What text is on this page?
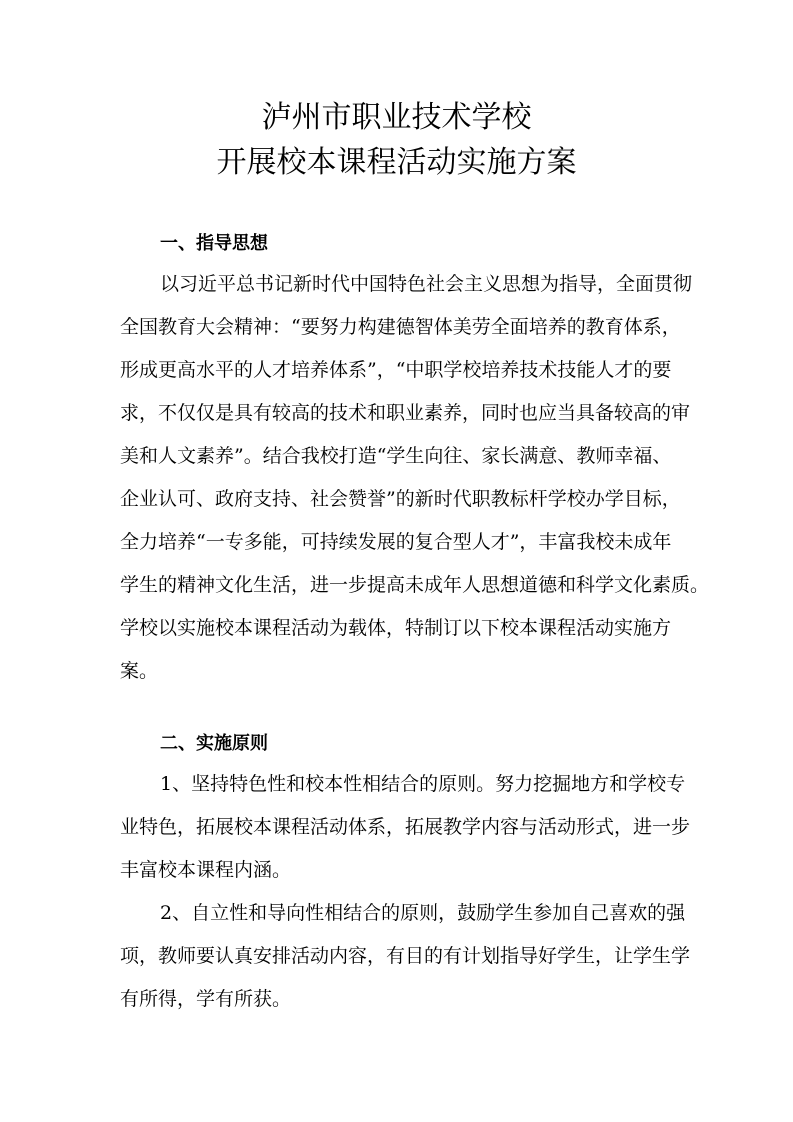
泸州市职业技术学校
开展校本课程活动实施方案
一、指导思想
以习近平总书记新时代中国特色社会主义思想为指导，全面贯彻
全国教育大会精神：“要努力构建德智体美劳全面培养的教育体系，
形成更高水平的人才培养体系”，“中职学校培养技术技能人才的要
求，不仅仅是具有较高的技术和职业素养，同时也应当具备较高的审
美和人文素养”。结合我校打造“学生向往、家长满意、教师幸福、
企业认可、政府支持、社会赞誉”的新时代职教标杆学校办学目标，
全力培养“一专多能，可持续发展的复合型人才”，丰富我校未成年
学生的精神文化生活，进一步提高未成年人思想道德和科学文化素质。
学校以实施校本课程活动为载体，特制订以下校本课程活动实施方
案。
二、实施原则
1、坚持特色性和校本性相结合的原则。努力挖掘地方和学校专
业特色，拓展校本课程活动体系，拓展教学内容与活动形式，进一步
丰富校本课程内涵。
2、自立性和导向性相结合的原则，鼓励学生参加自己喜欢的强
项，教师要认真安排活动内容，有目的有计划指导好学生，让学生学
有所得，学有所获。
